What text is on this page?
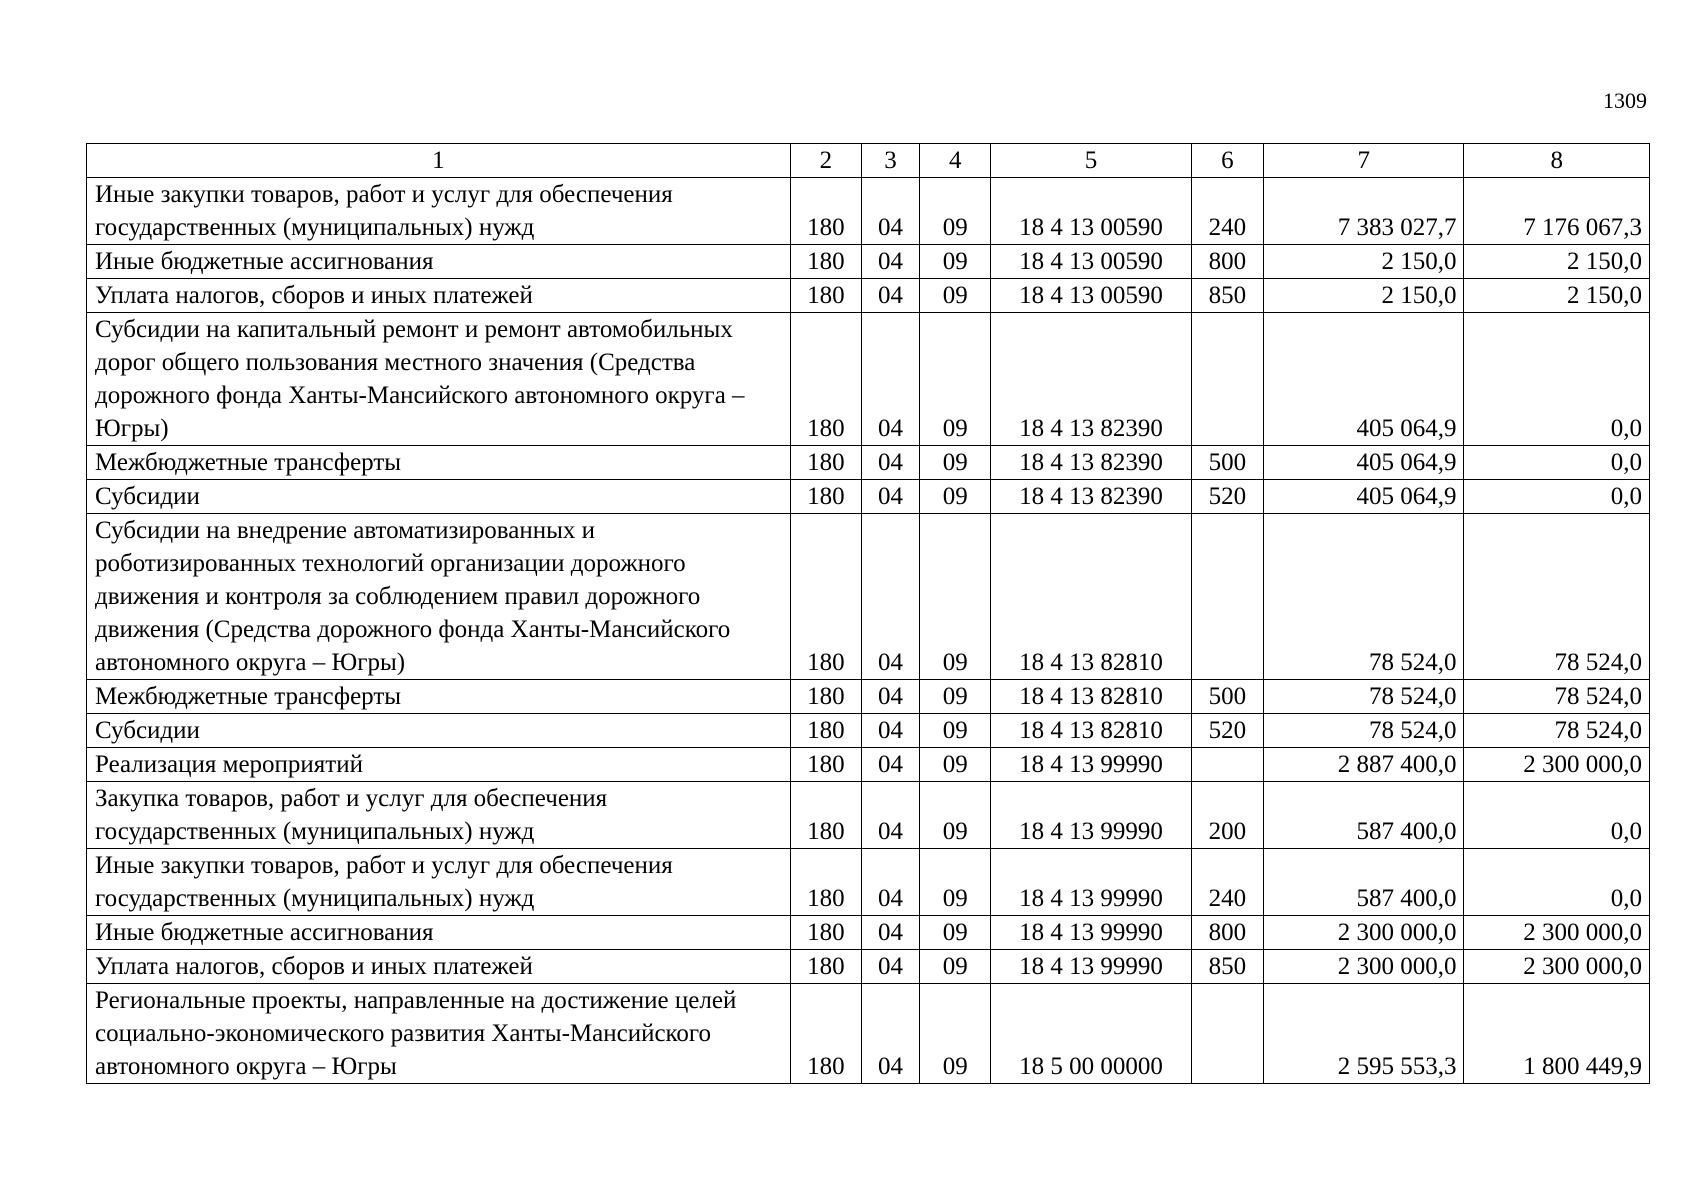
1309
1	2	3	4	5	6	7	8
Иные закупки товаров, работ и услуг для обеспечения государственных (муниципальных) нужд	180	04	09	18 4 13 00590	240	7 383 027,7	7 176 067,3
Иные бюджетные ассигнования	180	04	09	18 4 13 00590	800	2 150,0	2 150,0
Уплата налогов, сборов и иных платежей	180	04	09	18 4 13 00590	850	2 150,0	2 150,0
Субсидии на капитальный ремонт и ремонт автомобильных дорог общего пользования местного значения (Средства дорожного фонда Ханты-Мансийского автономного округа – Югры)	180	04	09	18 4 13 82390		405 064,9	0,0
Межбюджетные трансферты	180	04	09	18 4 13 82390	500	405 064,9	0,0
Субсидии	180	04	09	18 4 13 82390	520	405 064,9	0,0
Субсидии на внедрение автоматизированных и роботизированных технологий организации дорожного движения и контроля за соблюдением правил дорожного движения (Средства дорожного фонда Ханты-Мансийского автономного округа – Югры)	180	04	09	18 4 13 82810		78 524,0	78 524,0
Межбюджетные трансферты	180	04	09	18 4 13 82810	500	78 524,0	78 524,0
Субсидии	180	04	09	18 4 13 82810	520	78 524,0	78 524,0
Реализация мероприятий	180	04	09	18 4 13 99990		2 887 400,0	2 300 000,0
Закупка товаров, работ и услуг для обеспечения государственных (муниципальных) нужд	180	04	09	18 4 13 99990	200	587 400,0	0,0
Иные закупки товаров, работ и услуг для обеспечения государственных (муниципальных) нужд	180	04	09	18 4 13 99990	240	587 400,0	0,0
Иные бюджетные ассигнования	180	04	09	18 4 13 99990	800	2 300 000,0	2 300 000,0
Уплата налогов, сборов и иных платежей	180	04	09	18 4 13 99990	850	2 300 000,0	2 300 000,0
Региональные проекты, направленные на достижение целей социально-экономического развития Ханты-Мансийского автономного округа – Югры	180	04	09	18 5 00 00000		2 595 553,3	1 800 449,9
